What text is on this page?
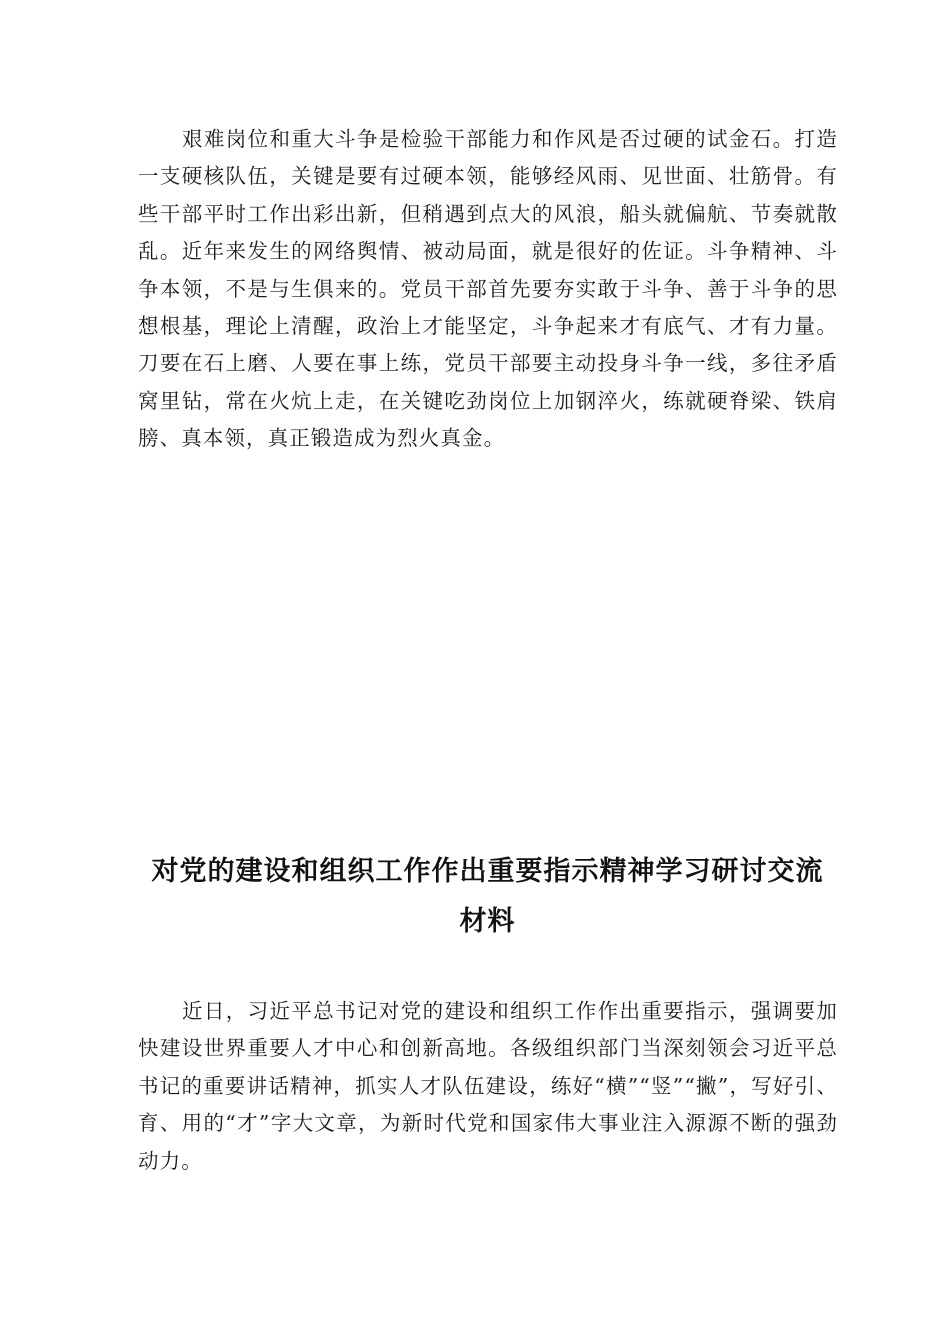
艰难岗位和重大斗争是检验干部能力和作风是否过硬的试金石。打造一支硬核队伍，关键是要有过硬本领，能够经风雨、见世面、壮筋骨。有些干部平时工作出彩出新，但稍遇到点大的风浪，船头就偏航、节奏就散乱。近年来发生的网络舆情、被动局面，就是很好的佐证。斗争精神、斗争本领，不是与生俱来的。党员干部首先要夯实敢于斗争、善于斗争的思想根基，理论上清醒，政治上才能坚定，斗争起来才有底气、才有力量。刀要在石上磨、人要在事上练，党员干部要主动投身斗争一线，多往矛盾窝里钻，常在火炕上走，在关键吃劲岗位上加钢淬火，练就硬脊梁、铁肩膀、真本领，真正锻造成为烈火真金。

对党的建设和组织工作作出重要指示精神学习研讨交流
材料

近日，习近平总书记对党的建设和组织工作作出重要指示，强调要加快建设世界重要人才中心和创新高地。各级组织部门当深刻领会习近平总书记的重要讲话精神，抓实人才队伍建设，练好“横”“竖”“撇”，写好引、育、用的“才”字大文章，为新时代党和国家伟大事业注入源源不断的强劲动力。
